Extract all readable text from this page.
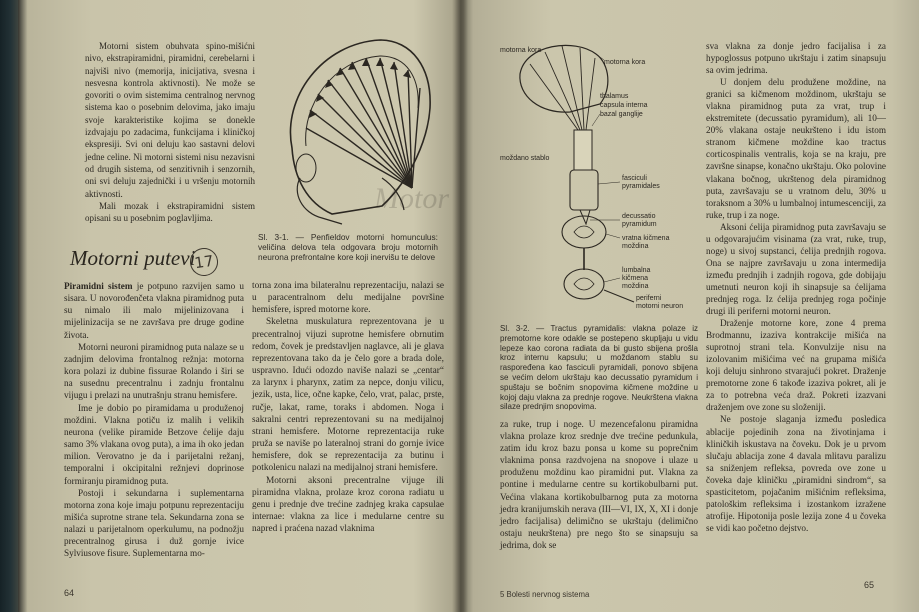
Motorni sistem obuhvata spino-mišićni nivo, ekstrapiramidni, piramidni, cerebelarni i najviši nivo (memorija, inicijativa, svesna i nesvesna kontrola aktivnosti). Ne može se govoriti o ovim sistemima centralnog nervnog sistema kao o posebnim delovima, jako imaju svoje karakteristike kojima se donekle izdvajaju po zadacima, funkcijama i kliničkoj ekspresiji. Svi oni deluju kao sastavni delovi jedne celine. Ni motorni sistemi nisu nezavisni od drugih sistema, od senzitivnih i senzornih, oni svi deluju zajednički i u vršenju motornih aktivnosti.

Mali mozak i ekstrapiramidni sistem opisani su u posebnim poglavljima.

Motor
Sl. 3-1. — Penfieldov motorni homunculus: veličina delova tela odgovara broju motornih neurona prefrontalne kore koji inervišu te delove
Motorni putevi
17

Piramidni sistem je potpuno razvijen samo u sisara. U novorođenčeta vlakna piramidnog puta su nimalo ili malo mijelinizovana i mijelinizacija se ne završava pre druge godine života.

Motorni neuroni piramidnog puta nalaze se u zadnjim delovima frontalnog režnja: motorna kora polazi iz dubine fissurae Rolando i širi se na susednu precentralnu i zadnju frontalnu vijugu i prelazi na unutrašnju stranu hemisfere.

Ime je dobio po piramidama u produženoj moždini. Vlakna potiču iz malih i velikih neurona (velike piramide Betzove ćelije daju samo 3% vlakana ovog puta), a ima ih oko jedan milion. Verovatno je da i parijetalni režanj, temporalni i okcipitalni režnjevi doprinose formiranju piramidnog puta.

Postoji i sekundarna i suplementarna motorna zona koje imaju potpunu reprezentaciju mišića suprotne strane tela. Sekundarna zona se nalazi u parijetalnom operkulumu, na podnožju precentralnog girusa i duž gornje ivice Sylviusove fisure. Suplementarna mo-

torna zona ima bilateralnu reprezentaciju, nalazi se u paracentralnom delu medijalne površine hemisfere, ispred motorne kore.

Skeletna muskulatura reprezentovana je u precentralnoj vijuzi suprotne hemisfere obrnutim redom, čovek je predstavljen naglavce, ali je glava reprezentovana tako da je čelo gore a brada dole, uspravno. Idući odozdo naviše nalazi se „centar“ za larynx i pharynx, zatim za nepce, donju vilicu, jezik, usta, lice, očne kapke, čelo, vrat, palac, prste, ručje, lakat, rame, toraks i abdomen. Noga i sakralni centri reprezentovani su na medijalnoj strani hemisfere. Motorne reprezentacija ruke pruža se naviše po lateralnoj strani do gornje ivice hemisfere, dok se reprezentacija za butinu i potkolenicu nalazi na medijalnoj strani hemisfere.

Motorni aksoni precentralne vijuge ili piramidna vlakna, prolaze kroz corona radiatu u genu i prednje dve trećine zadnjeg kraka capsulae internae: vlakna za lice i medularne centre su napred i praćena nazad vlaknima

64
motorna kora
motorna kora
thalamus
capsula interna
bazal ganglije
moždano stablo
fasciculi
pyramidales
decussatio
pyramidum
vratna kičmena
moždina
lumbalna
kičmena
moždina
periferni
motorni neuron
Sl. 3-2. — Tractus pyramidalis: vlakna polaze iz premotorne kore odakle se postepeno skupljaju u vidu lepeze kao corona radiata da bi gusto sbijena prošla kroz internu kapsulu; u moždanom stablu su raspoređena kao fasciculi pyramidali, ponovo sbijena se većim delom ukrštaju kao decussatio pyramidum i spuštaju se bočnim snopovima kičmene moždine u kojoj daju vlakna za prednje rogove. Neukrštena vlakna silaze prednjim snopovima.

za ruke, trup i noge. U mezencefalonu piramidna vlakna prolaze kroz srednje dve trećine pedunkula, zatim idu kroz bazu ponsa u kome su poprečnim vlaknima ponsa razdvojena na snopove i ulaze u produženu moždinu kao piramidni put. Vlakna za pontine i medularne centre su kortikobulbarni put. Većina vlakana kortikobulbarnog puta za motorna jedra kranijumskih nerava (III—VI, IX, X, XI i donje jedro facijalisa) delimično se ukrštaju (delimično ostaju neukrštena) pre nego što se sinapsuju sa jedrima, dok se

sva vlakna za donje jedro facijalisa i za hypoglossus potpuno ukrštaju i zatim sinapsuju sa ovim jedrima.

U donjem delu produžene moždine, na granici sa kičmenom moždinom, ukrštaju se vlakna piramidnog puta za vrat, trup i ekstremitete (decussatio pyramidum), ali 10—20% vlakana ostaje neukršteno i idu istom stranom kičmene moždine kao tractus corticospinalis ventralis, koja se na kraju, pre završne sinapse, konačno ukrštaju. Oko polovine vlakana bočnog, ukrštenog dela piramidnog puta, završavaju se u vratnom delu, 30% u toraksnom a 30% u lumbalnoj intumescenciji, za ruke, trup i za noge.

Aksoni ćelija piramidnog puta završavaju se u odgovarajućim visinama (za vrat, ruke, trup, noge) u sivoj supstanci, ćelija prednjih rogova. Ona se najpre završavaju u zona intermedija između prednjih i zadnjih rogova, gde dobijaju umetnuti neuron koji ih sinapsuje sa ćelijama prednjeg roga. Iz ćelija prednjeg roga počinje drugi ili periferni motorni neuron.

Draženje motorne kore, zone 4 prema Brodmannu, izaziva kontrakcije mišića na suprotnoj strani tela. Konvulzije nisu na izolovanim mišićima već na grupama mišića koji deluju sinhrono stvarajući pokret. Draženje premotorne zone 6 takođe izaziva pokret, ali je za to potrebna veća draž. Pokreti izazvani draženjem ove zone su složeniji.

Ne postoje slaganja između posledica ablacije pojedinih zona na životinjama i kliničkih iskustava na čoveku. Dok je u prvom slučaju ablacija zone 4 davala mlitavu paralizu sa sniženjem refleksa, povreda ove zone u čoveka daje kliničku „piramidni sindrom“, sa spasticitetom, pojačanim mišićnim refleksima, patološkim refleksima i izostankom izražene atrofije. Hipotonija posle lezija zone 4 u čoveka se vidi kao početno dejstvo.

5 Bolesti nervnog sistema
65
